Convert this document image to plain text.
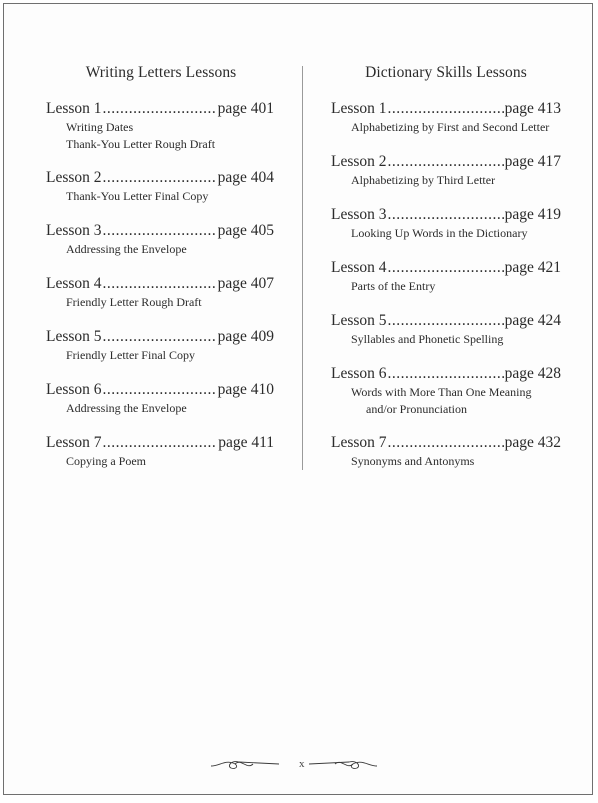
Writing Letters Lessons
Lesson 1 .....	page 401
Writing Dates
Thank-You Letter Rough Draft
Lesson 2 .....	page 404
Thank-You Letter Final Copy
Lesson 3 .....	page 405
Addressing the Envelope
Lesson 4 .....	page 407
Friendly Letter Rough Draft
Lesson 5 .....	page 409
Friendly Letter Final Copy
Lesson 6 .....	page 410
Addressing the Envelope
Lesson 7 .....	page 411
Copying a Poem
Dictionary Skills Lessons
Lesson 1 .....	page 413
Alphabetizing by First and Second Letter
Lesson 2 .....	page 417
Alphabetizing by Third Letter
Lesson 3 .....	page 419
Looking Up Words in the Dictionary
Lesson 4 .....	page 421
Parts of the Entry
Lesson 5 .....	page 424
Syllables and Phonetic Spelling
Lesson 6 .....	page 428
Words with More Than One Meaning
and/or Pronunciation
Lesson 7 .....	page 432
Synonyms and Antonyms
x
